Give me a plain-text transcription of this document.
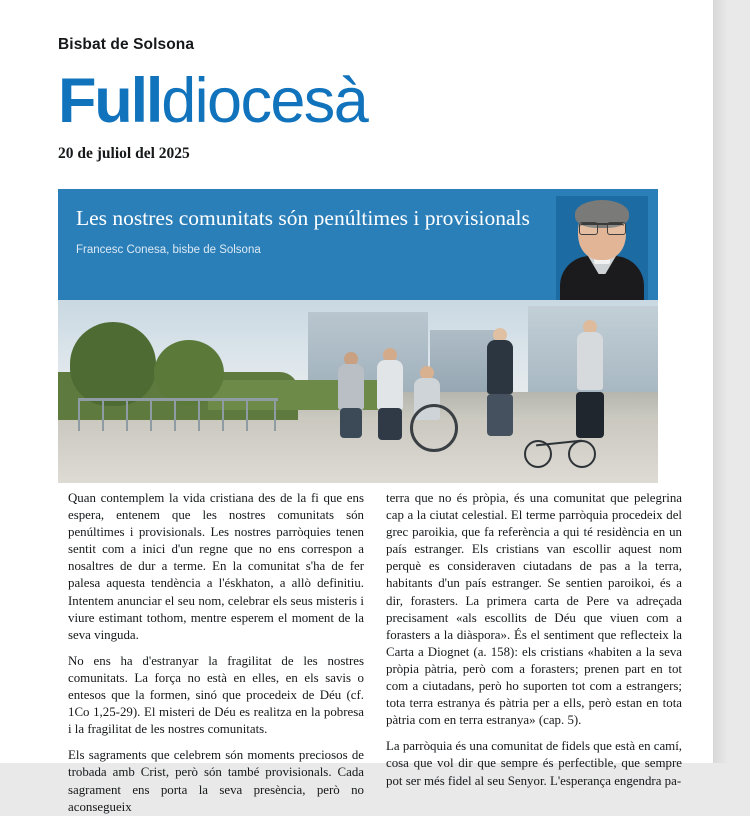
Bisbat de Solsona
Fulldiocesà
20 de juliol del 2025
Les nostres comunitats són penúltimes i provisionals
Francesc Conesa, bisbe de Solsona

Quan contemplem la vida cristiana des de la fi que ens espera, entenem que les nostres comunitats són penúltimes i provisionals. Les nostres parròquies tenen sentit com a inici d'un regne que no ens correspon a nosaltres de dur a terme. En la comunitat s'ha de fer palesa aquesta tendència a l'éskhaton, a allò definitiu. Intentem anunciar el seu nom, celebrar els seus misteris i viure estimant tothom, mentre esperem el moment de la seva vinguda.

No ens ha d'estranyar la fragilitat de les nostres comunitats. La força no està en elles, en els savis o entesos que la formen, sinó que procedeix de Déu (cf. 1Co 1,25-29). El misteri de Déu es realitza en la pobresa i la fragilitat de les nostres comunitats.

Els sagraments que celebrem són moments preciosos de trobada amb Crist, però són també provisionals. Cada sagrament ens porta la seva presència, però no aconsegueix

terra que no és pròpia, és una comunitat que pelegrina cap a la ciutat celestial. El terme parròquia procedeix del grec paroikia, que fa referència a qui té residència en un país estranger. Els cristians van escollir aquest nom perquè es consideraven ciutadans de pas a la terra, habitants d'un país estranger. Se sentien paroikoi, és a dir, forasters. La primera carta de Pere va adreçada precisament «als escollits de Déu que viuen com a forasters a la diàspora». És el sentiment que reflecteix la Carta a Diognet (a. 158): els cristians «habiten a la seva pròpia pàtria, però com a forasters; prenen part en tot com a ciutadans, però ho suporten tot com a estrangers; tota terra estranya és pàtria per a ells, però estan en tota pàtria com en terra estranya» (cap. 5).

La parròquia és una comunitat de fidels que està en camí, cosa que vol dir que sempre és perfectible, que sempre pot ser més fidel al seu Senyor. L'esperança engendra pa-
